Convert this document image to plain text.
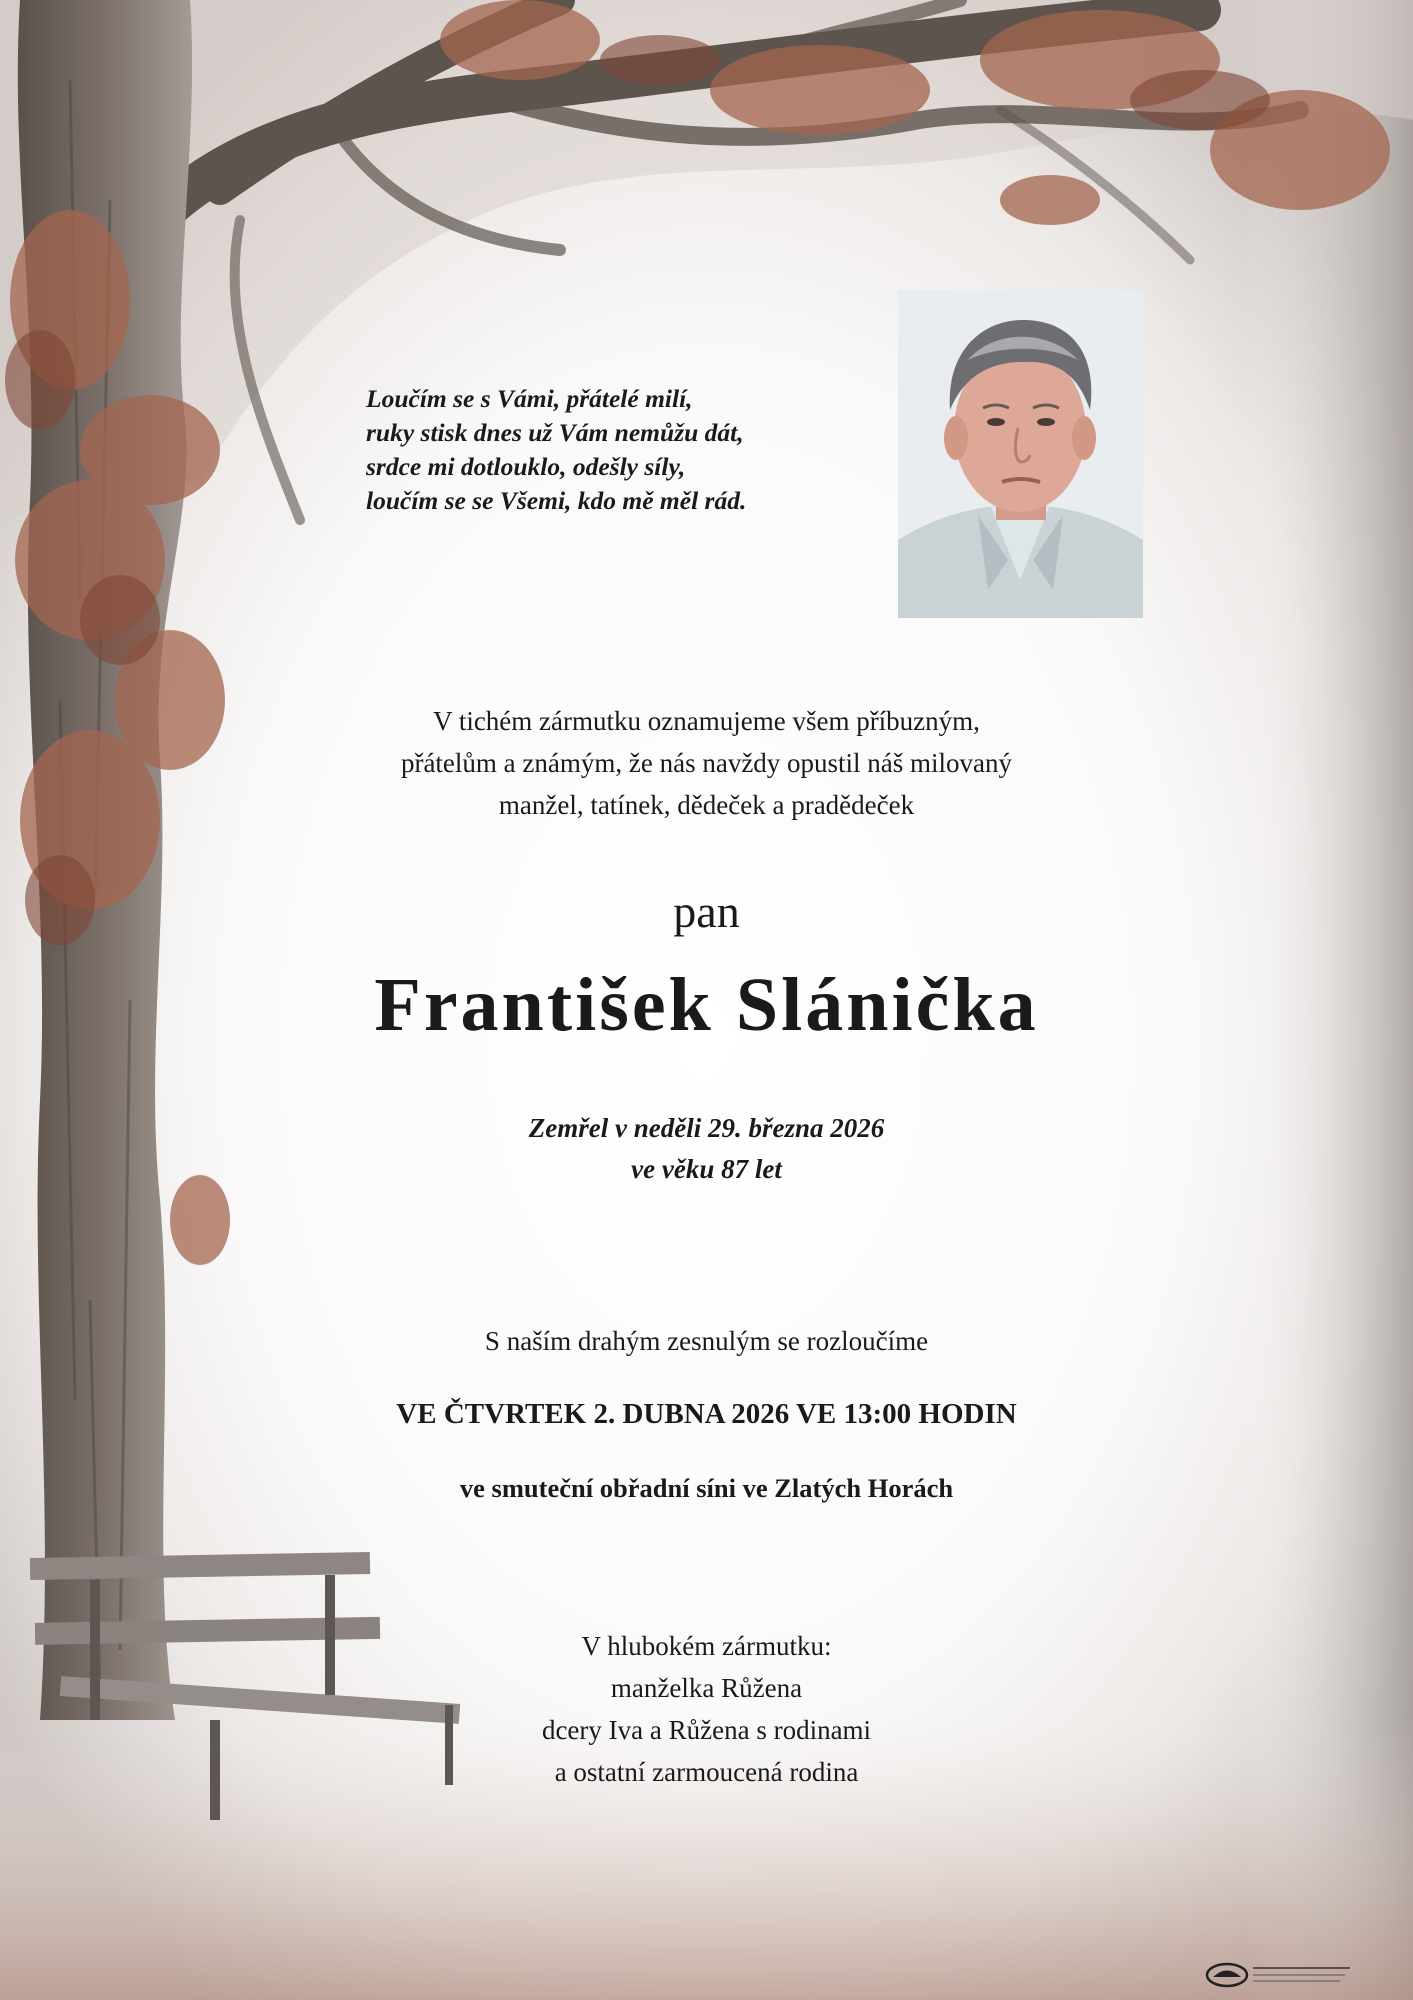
Loučím se s Vámi, přátelé milí,
ruky stisk dnes už Vám nemůžu dát,
srdce mi dotlouklo, odešly síly,
loučím se se Všemi, kdo mě měl rád.
V tichém zármutku oznamujeme všem příbuzným,
přátelům a známým, že nás navždy opustil náš milovaný
manžel, tatínek, dědeček a pradědeček
pan
František Slánička
Zemřel v neděli 29. března 2026
ve věku 87 let
S naším drahým zesnulým se rozloučíme
VE ČTVRTEK 2. DUBNA 2026 VE 13:00 HODIN
ve smuteční obřadní síni ve Zlatých Horách
V hlubokém zármutku:
manželka Růžena
dcery Iva a Růžena s rodinami
a ostatní zarmoucená rodina
